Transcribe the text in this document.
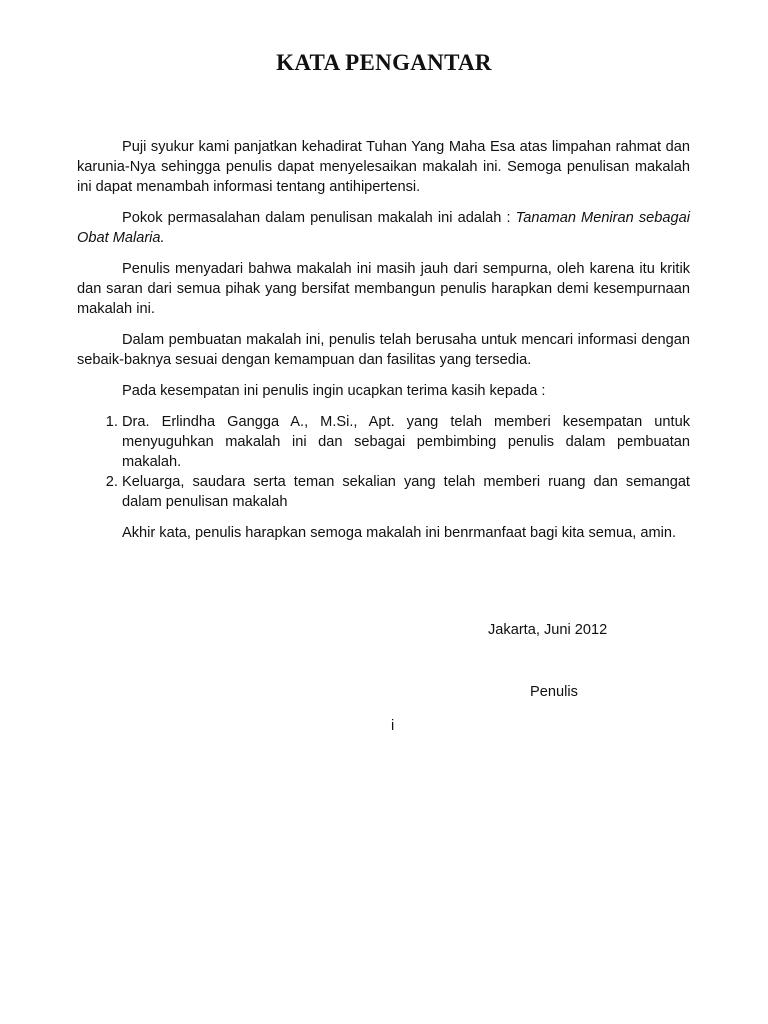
KATA PENGANTAR

Puji syukur kami panjatkan kehadirat Tuhan Yang Maha Esa atas limpahan rahmat dan karunia-Nya sehingga penulis dapat menyelesaikan makalah ini. Semoga penulisan makalah ini dapat menambah informasi tentang antihipertensi.

Pokok permasalahan dalam penulisan makalah ini adalah : Tanaman Meniran sebagai Obat Malaria.

Penulis menyadari bahwa makalah ini masih jauh dari sempurna, oleh karena itu kritik dan saran dari semua pihak yang bersifat membangun penulis harapkan demi kesempurnaan makalah ini.

Dalam pembuatan makalah ini, penulis telah berusaha untuk mencari informasi dengan sebaik-baknya sesuai dengan kemampuan dan fasilitas yang tersedia.

Pada kesempatan ini penulis ingin ucapkan terima kasih kepada :

1. Dra. Erlindha Gangga A., M.Si., Apt. yang telah memberi kesempatan untuk menyuguhkan makalah ini dan sebagai pembimbing penulis dalam pembuatan makalah.
2. Keluarga, saudara serta teman sekalian yang telah memberi ruang dan semangat dalam penulisan makalah

Akhir kata, penulis harapkan semoga makalah ini benrmanfaat bagi kita semua, amin.

Jakarta, Juni 2012
Penulis
i
